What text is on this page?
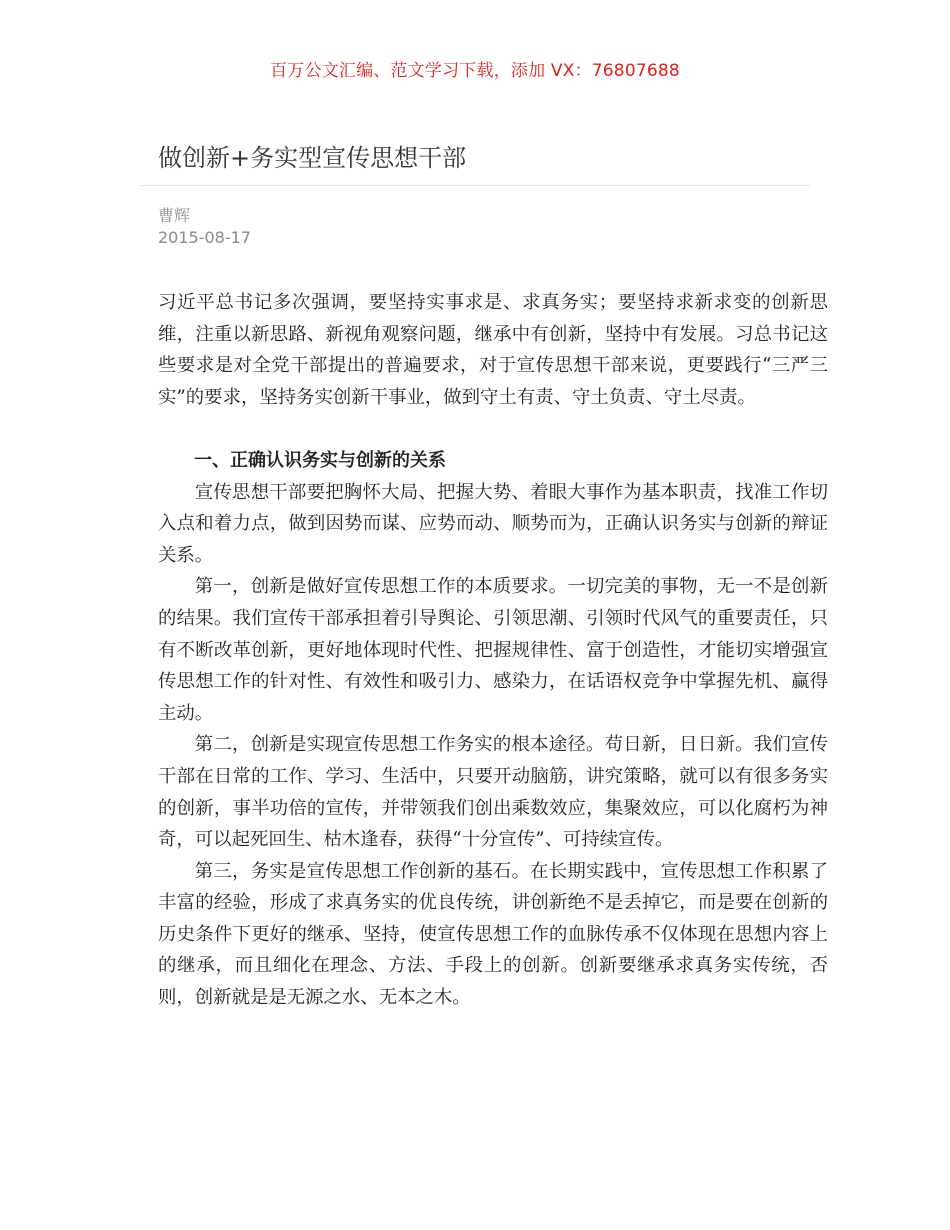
百万公文汇编、范文学习下载，添加 VX：76807688
做创新+务实型宣传思想干部
曹辉
2015-08-17

习近平总书记多次强调，要坚持实事求是、求真务实；要坚持求新求变的创新思维，注重以新思路、新视角观察问题，继承中有创新，坚持中有发展。习总书记这些要求是对全党干部提出的普遍要求，对于宣传思想干部来说，更要践行“三严三实”的要求，坚持务实创新干事业，做到守土有责、守土负责、守土尽责。

一、正确认识务实与创新的关系

宣传思想干部要把胸怀大局、把握大势、着眼大事作为基本职责，找准工作切入点和着力点，做到因势而谋、应势而动、顺势而为，正确认识务实与创新的辩证关系。

第一，创新是做好宣传思想工作的本质要求。一切完美的事物，无一不是创新的结果。我们宣传干部承担着引导舆论、引领思潮、引领时代风气的重要责任，只有不断改革创新，更好地体现时代性、把握规律性、富于创造性，才能切实增强宣传思想工作的针对性、有效性和吸引力、感染力，在话语权竞争中掌握先机、赢得主动。

第二，创新是实现宣传思想工作务实的根本途径。苟日新，日日新。我们宣传干部在日常的工作、学习、生活中，只要开动脑筋，讲究策略，就可以有很多务实的创新，事半功倍的宣传，并带领我们创出乘数效应，集聚效应，可以化腐朽为神奇，可以起死回生、枯木逢春，获得“十分宣传”、可持续宣传。

第三，务实是宣传思想工作创新的基石。在长期实践中，宣传思想工作积累了丰富的经验，形成了求真务实的优良传统，讲创新绝不是丢掉它，而是要在创新的历史条件下更好的继承、坚持，使宣传思想工作的血脉传承不仅体现在思想内容上的继承，而且细化在理念、方法、手段上的创新。创新要继承求真务实传统，否则，创新就是是无源之水、无本之木。
